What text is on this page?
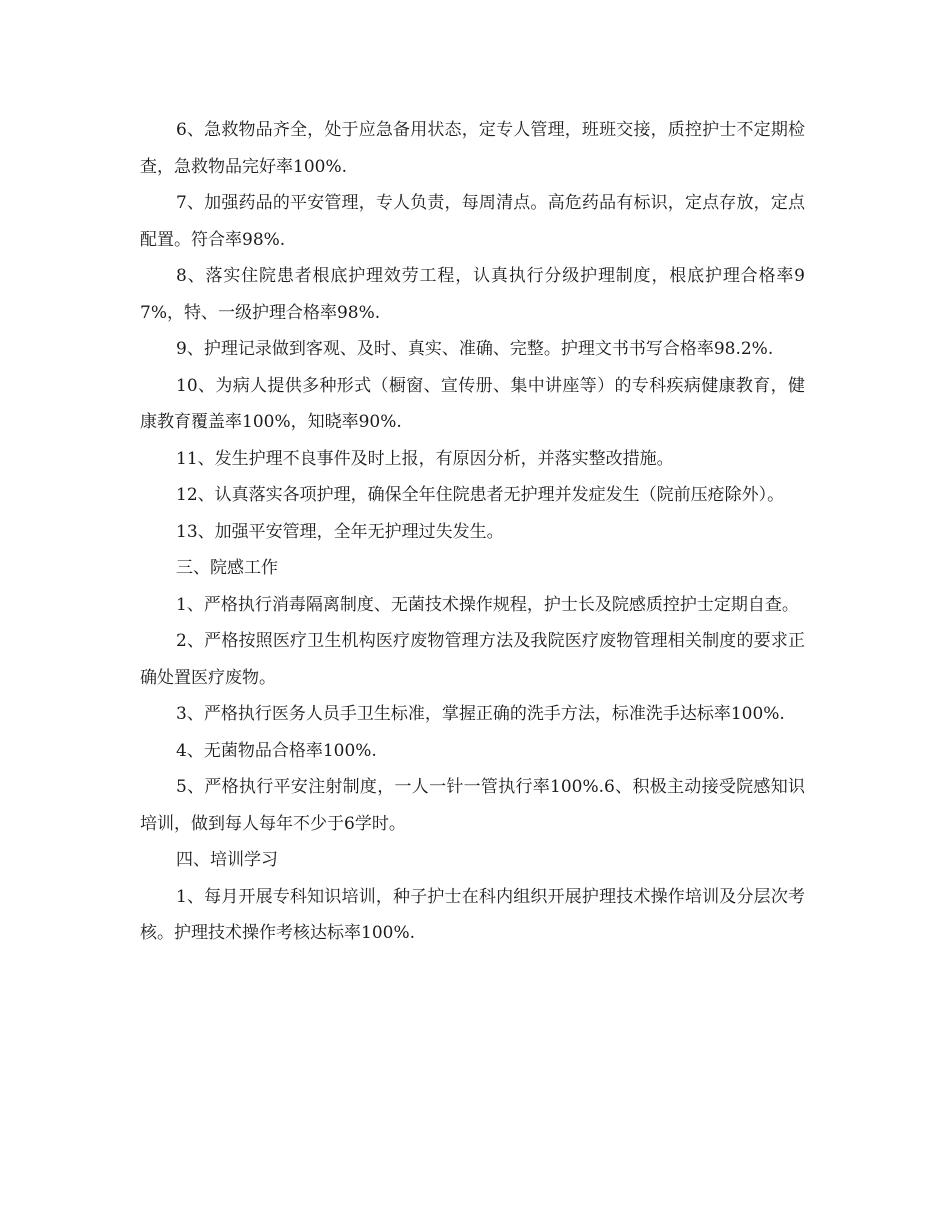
6、急救物品齐全，处于应急备用状态，定专人管理，班班交接，质控护士不定期检查，急救物品完好率100%.

7、加强药品的平安管理，专人负责，每周清点。高危药品有标识，定点存放，定点配置。符合率98%.

8、落实住院患者根底护理效劳工程，认真执行分级护理制度，根底护理合格率97%，特、一级护理合格率98%.

9、护理记录做到客观、及时、真实、准确、完整。护理文书书写合格率98.2%.

10、为病人提供多种形式（橱窗、宣传册、集中讲座等）的专科疾病健康教育，健康教育覆盖率100%，知晓率90%.

11、发生护理不良事件及时上报，有原因分析，并落实整改措施。

12、认真落实各项护理，确保全年住院患者无护理并发症发生（院前压疮除外）。

13、加强平安管理，全年无护理过失发生。

三、院感工作

1、严格执行消毒隔离制度、无菌技术操作规程，护士长及院感质控护士定期自查。

2、严格按照医疗卫生机构医疗废物管理方法及我院医疗废物管理相关制度的要求正确处置医疗废物。

3、严格执行医务人员手卫生标准，掌握正确的洗手方法，标准洗手达标率100%.

4、无菌物品合格率100%.

5、严格执行平安注射制度，一人一针一管执行率100%.6、积极主动接受院感知识培训，做到每人每年不少于6学时。

四、培训学习

1、每月开展专科知识培训，种子护士在科内组织开展护理技术操作培训及分层次考核。护理技术操作考核达标率100%.
